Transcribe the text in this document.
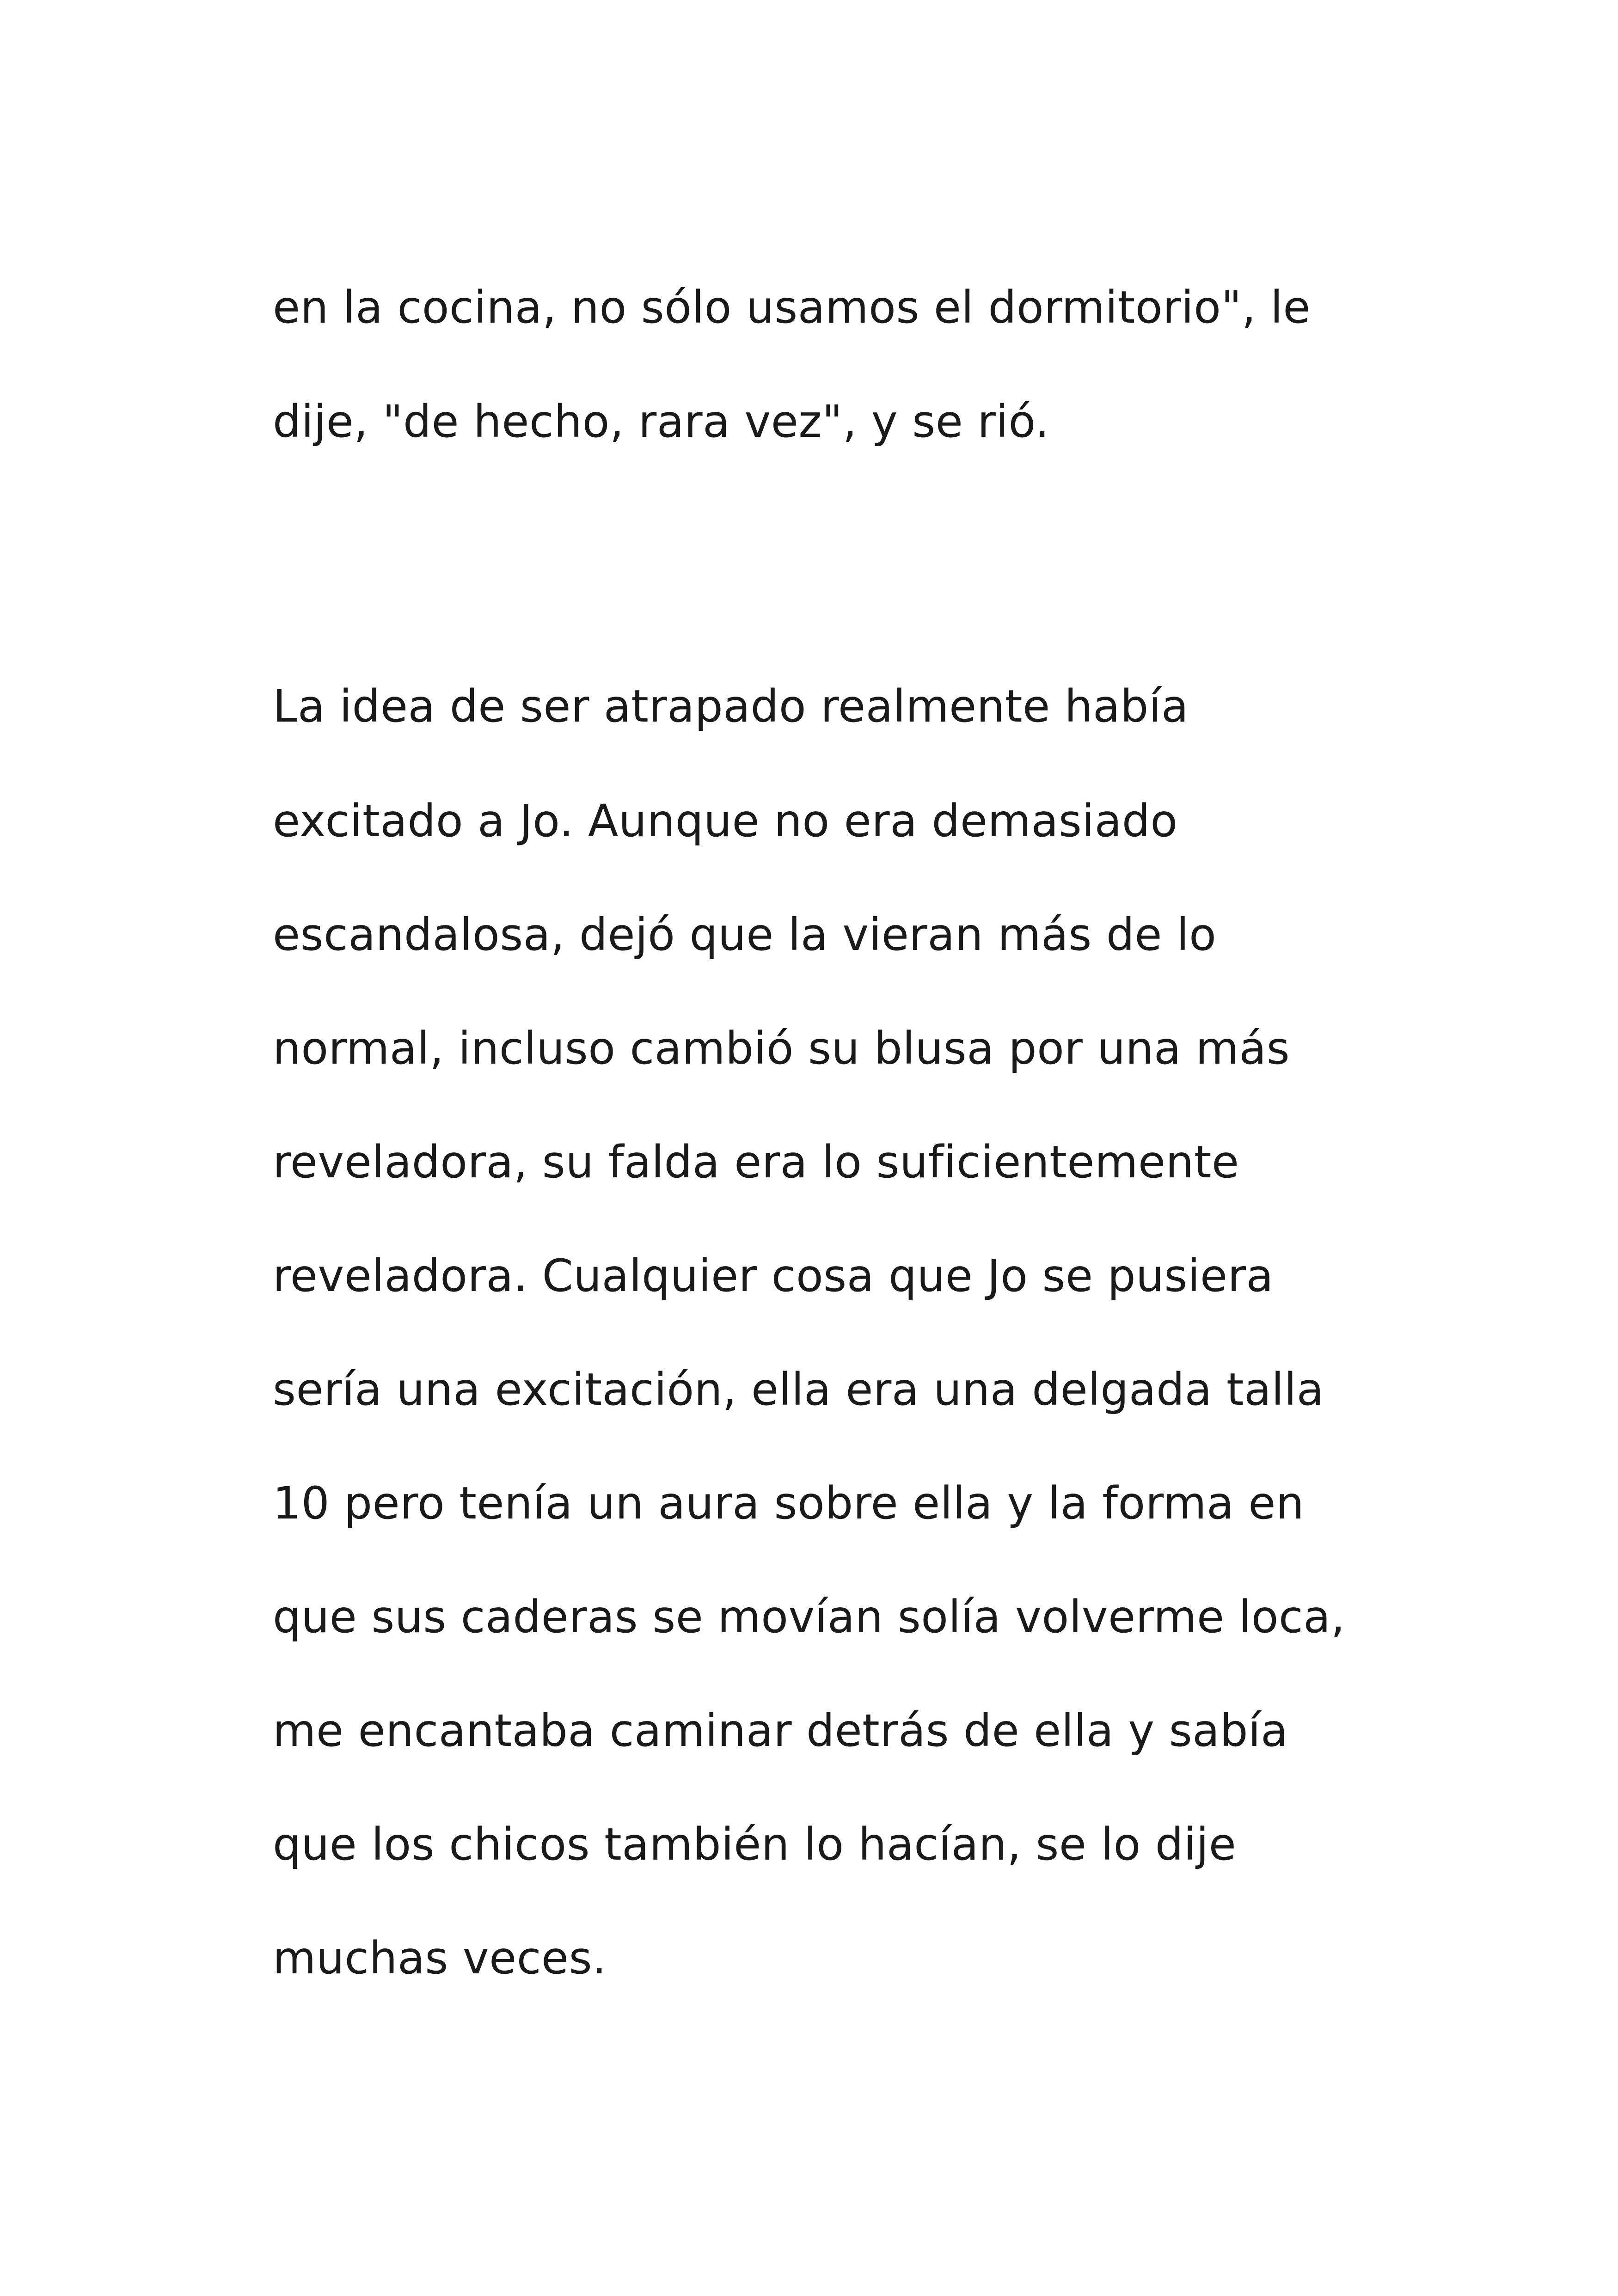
en la cocina, no sólo usamos el dormitorio", le

dije, "de hecho, rara vez", y se rió.

La idea de ser atrapado realmente había

excitado a Jo. Aunque no era demasiado

escandalosa, dejó que la vieran más de lo

normal, incluso cambió su blusa por una más

reveladora, su falda era lo suficientemente

reveladora. Cualquier cosa que Jo se pusiera

sería una excitación, ella era una delgada talla

10 pero tenía un aura sobre ella y la forma en

que sus caderas se movían solía volverme loca,

me encantaba caminar detrás de ella y sabía

que los chicos también lo hacían, se lo dije

muchas veces.
